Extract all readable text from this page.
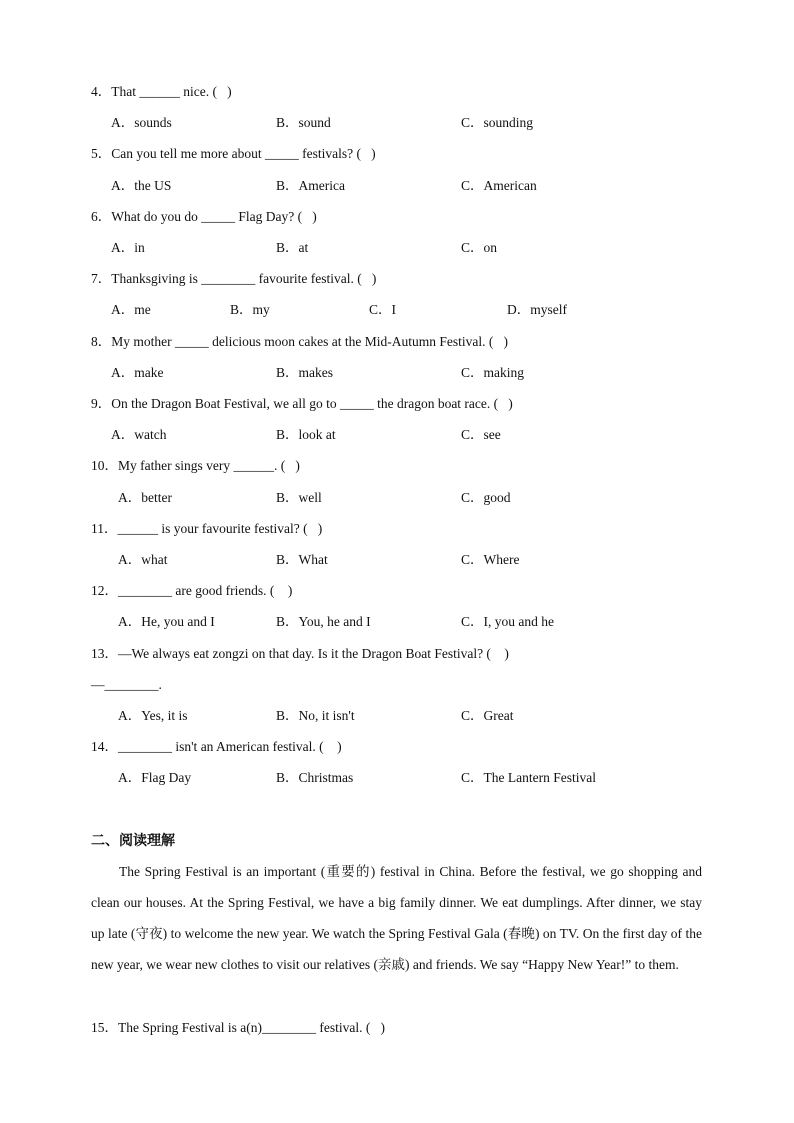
4．That ______ nice. (   )
A．sounds	B．sound	C．sounding
5．Can you tell me more about _____ festivals? (   )
A．the US	B．America	C．American
6．What do you do _____ Flag Day? (   )
A．in	B．at	C．on
7．Thanksgiving is ________ favourite festival. (   )
A．me	B．my	C．I	D．myself
8．My mother _____ delicious moon cakes at the Mid-Autumn Festival. (   )
A．make	B．makes	C．making
9．On the Dragon Boat Festival, we all go to _____ the dragon boat race. (   )
A．watch	B．look at	C．see
10．My father sings very ______. (   )
A．better	B．well	C．good
11．______ is your favourite festival? (   )
A．what	B．What	C．Where
12．________ are good friends. (    )
A．He, you and I	B．You, he and I	C．I, you and he
13．—We always eat zongzi on that day. Is it the Dragon Boat Festival? (    )
—________.
A．Yes, it is	B．No, it isn't	C．Great
14．________ isn't an American festival. (    )
A．Flag Day	B．Christmas	C．The Lantern Festival
二、阅读理解

The Spring Festival is an important (重要的) festival in China. Before the festival, we go shopping and clean our houses. At the Spring Festival, we have a big family dinner. We eat dumplings. After dinner, we stay up late (守夜) to welcome the new year. We watch the Spring Festival Gala (春晚) on TV. On the first day of the new year, we wear new clothes to visit our relatives (亲戚) and friends. We say “Happy New Year!” to them.

15．The Spring Festival is a(n)________ festival. (   )
